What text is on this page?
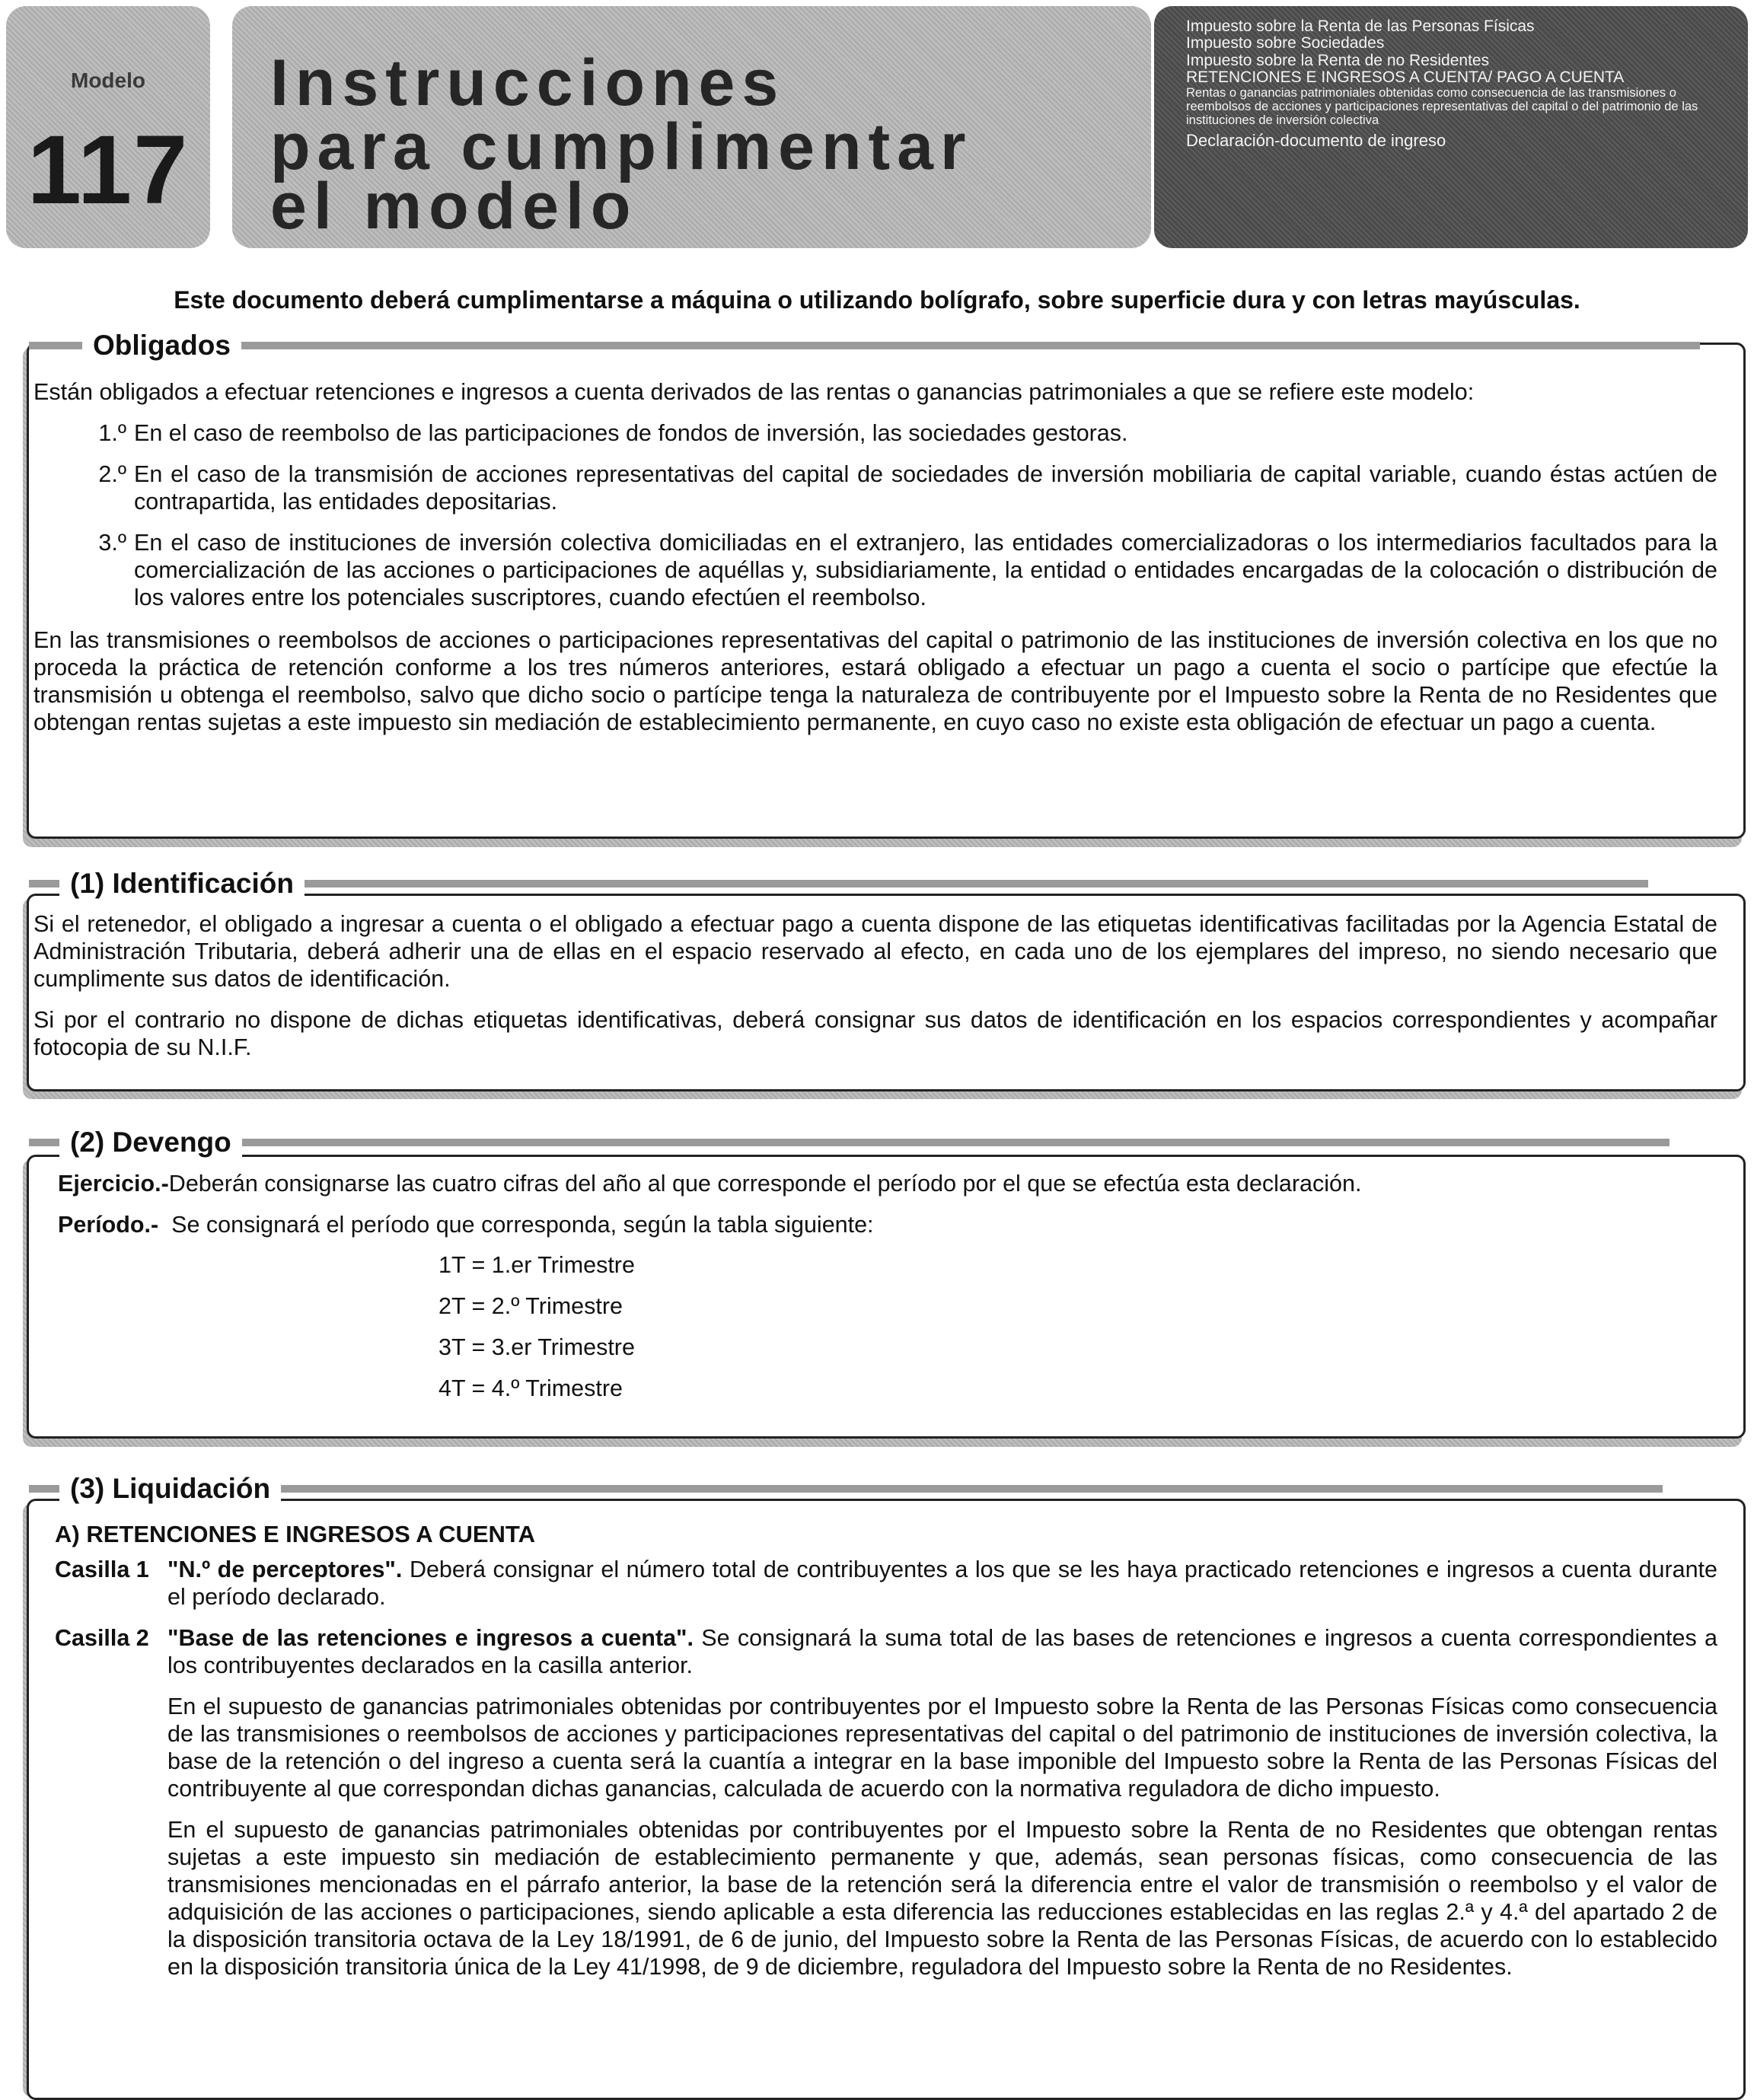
Modelo
117
Instrucciones
para cumplimentar
el modelo
Impuesto sobre la Renta de las Personas Físicas
Impuesto sobre Sociedades
Impuesto sobre la Renta de no Residentes
RETENCIONES E INGRESOS A CUENTA/ PAGO A CUENTA
Rentas o ganancias patrimoniales obtenidas como consecuencia de las transmisiones o reembolsos de acciones y participaciones representativas del capital o del patrimonio de las instituciones de inversión colectiva
Declaración-documento de ingreso
Este documento deberá cumplimentarse a máquina o utilizando bolígrafo, sobre superficie dura y con letras mayúsculas.
Obligados

Están obligados a efectuar retenciones e ingresos a cuenta derivados de las rentas o ganancias patrimoniales a que se refiere este modelo:

1.º En el caso de reembolso de las participaciones de fondos de inversión, las sociedades gestoras.
2.º En el caso de la transmisión de acciones representativas del capital de sociedades de inversión mobiliaria de capital variable, cuando éstas actúen de contrapartida, las entidades depositarias.
3.º En el caso de instituciones de inversión colectiva domiciliadas en el extranjero, las entidades comercializadoras o los intermediarios facultados para la comercialización de las acciones o participaciones de aquéllas y, subsidiariamente, la entidad o entidades encargadas de la colocación o distribución de los valores entre los potenciales suscriptores, cuando efectúen el reembolso.

En las transmisiones o reembolsos de acciones o participaciones representativas del capital o patrimonio de las instituciones de inversión colectiva en los que no proceda la práctica de retención conforme a los tres números anteriores, estará obligado a efectuar un pago a cuenta el socio o partícipe que efectúe la transmisión u obtenga el reembolso, salvo que dicho socio o partícipe tenga la naturaleza de contribuyente por el Impuesto sobre la Renta de no Residentes que obtengan rentas sujetas a este impuesto sin mediación de establecimiento permanente, en cuyo caso no existe esta obligación de efectuar un pago a cuenta.

(1) Identificación

Si el retenedor, el obligado a ingresar a cuenta o el obligado a efectuar pago a cuenta dispone de las etiquetas identificativas facilitadas por la Agencia Estatal de Administración Tributaria, deberá adherir una de ellas en el espacio reservado al efecto, en cada uno de los ejemplares del impreso, no siendo necesario que cumplimente sus datos de identificación.

Si por el contrario no dispone de dichas etiquetas identificativas, deberá consignar sus datos de identificación en los espacios correspondientes y acompañar fotocopia de su N.I.F.

(2) Devengo
Ejercicio.- Deberán consignarse las cuatro cifras del año al que corresponde el período por el que se efectúa esta declaración.
Período.- Se consignará el período que corresponda, según la tabla siguiente:
1T = 1.er Trimestre
2T = 2.º Trimestre
3T = 3.er Trimestre
4T = 4.º Trimestre
(3) Liquidación
A) RETENCIONES E INGRESOS A CUENTA
Casilla 1 "N.º de perceptores". Deberá consignar el número total de contribuyentes a los que se les haya practicado retenciones e ingresos a cuenta durante el período declarado.
Casilla 2 "Base de las retenciones e ingresos a cuenta". Se consignará la suma total de las bases de retenciones e ingresos a cuenta correspondientes a los contribuyentes declarados en la casilla anterior.
En el supuesto de ganancias patrimoniales obtenidas por contribuyentes por el Impuesto sobre la Renta de las Personas Físicas como consecuencia de las transmisiones o reembolsos de acciones y participaciones representativas del capital o del patrimonio de instituciones de inversión colectiva, la base de la retención o del ingreso a cuenta será la cuantía a integrar en la base imponible del Impuesto sobre la Renta de las Personas Físicas del contribuyente al que correspondan dichas ganancias, calculada de acuerdo con la normativa reguladora de dicho impuesto.
En el supuesto de ganancias patrimoniales obtenidas por contribuyentes por el Impuesto sobre la Renta de no Residentes que obtengan rentas sujetas a este impuesto sin mediación de establecimiento permanente y que, además, sean personas físicas, como consecuencia de las transmisiones mencionadas en el párrafo anterior, la base de la retención será la diferencia entre el valor de transmisión o reembolso y el valor de adquisición de las acciones o participaciones, siendo aplicable a esta diferencia las reducciones establecidas en las reglas 2.ª y 4.ª del apartado 2 de la disposición transitoria octava de la Ley 18/1991, de 6 de junio, del Impuesto sobre la Renta de las Personas Físicas, de acuerdo con lo establecido en la disposición transitoria única de la Ley 41/1998, de 9 de diciembre, reguladora del Impuesto sobre la Renta de no Residentes.
